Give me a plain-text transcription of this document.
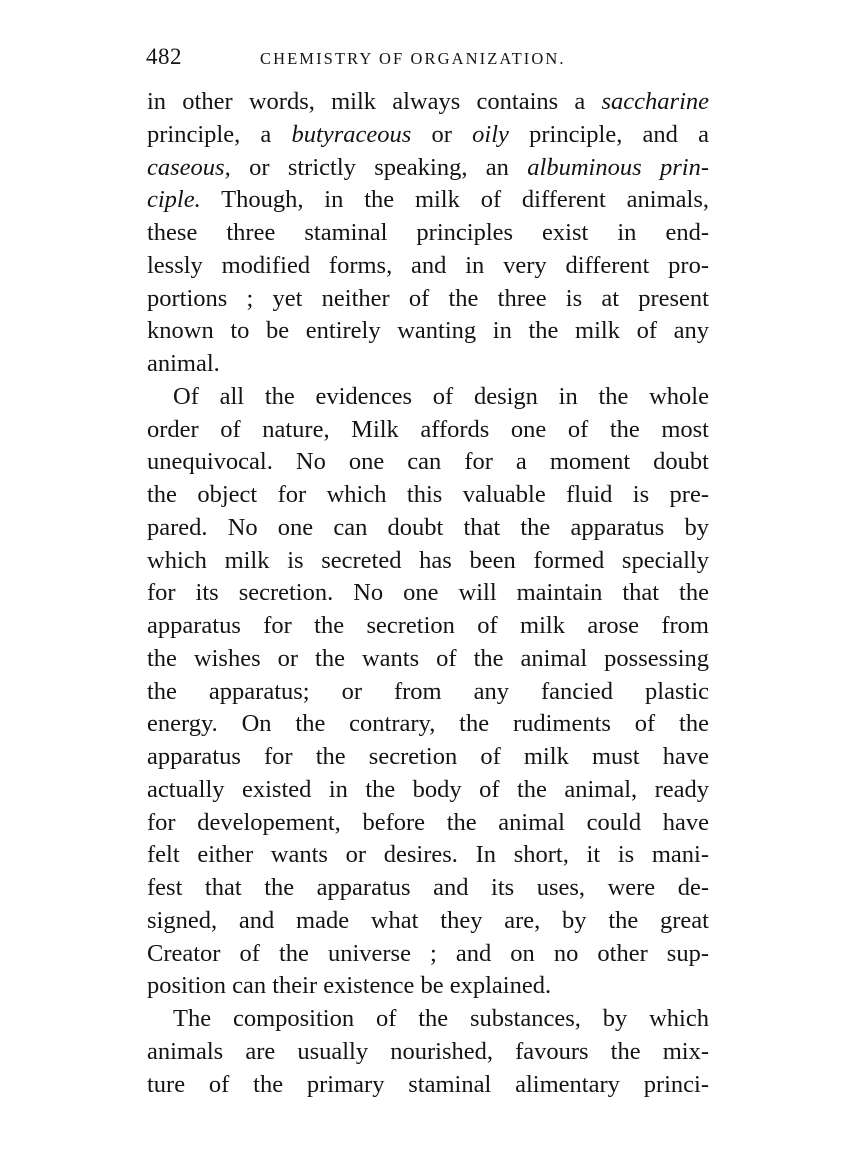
482	CHEMISTRY OF ORGANIZATION.
in other words, milk always contains a saccharine
principle, a butyraceous or oily principle, and a
caseous, or strictly speaking, an albuminous prin-
ciple. Though, in the milk of different animals,
these three staminal principles exist in end-
lessly modified forms, and in very different pro-
portions ; yet neither of the three is at present
known to be entirely wanting in the milk of any
animal.
Of all the evidences of design in the whole
order of nature, Milk affords one of the most
unequivocal. No one can for a moment doubt
the object for which this valuable fluid is pre-
pared. No one can doubt that the apparatus by
which milk is secreted has been formed specially
for its secretion. No one will maintain that the
apparatus for the secretion of milk arose from
the wishes or the wants of the animal possessing
the apparatus; or from any fancied plastic
energy. On the contrary, the rudiments of the
apparatus for the secretion of milk must have
actually existed in the body of the animal, ready
for developement, before the animal could have
felt either wants or desires. In short, it is mani-
fest that the apparatus and its uses, were de-
signed, and made what they are, by the great
Creator of the universe ; and on no other sup-
position can their existence be explained.
The composition of the substances, by which
animals are usually nourished, favours the mix-
ture of the primary staminal alimentary princi-
